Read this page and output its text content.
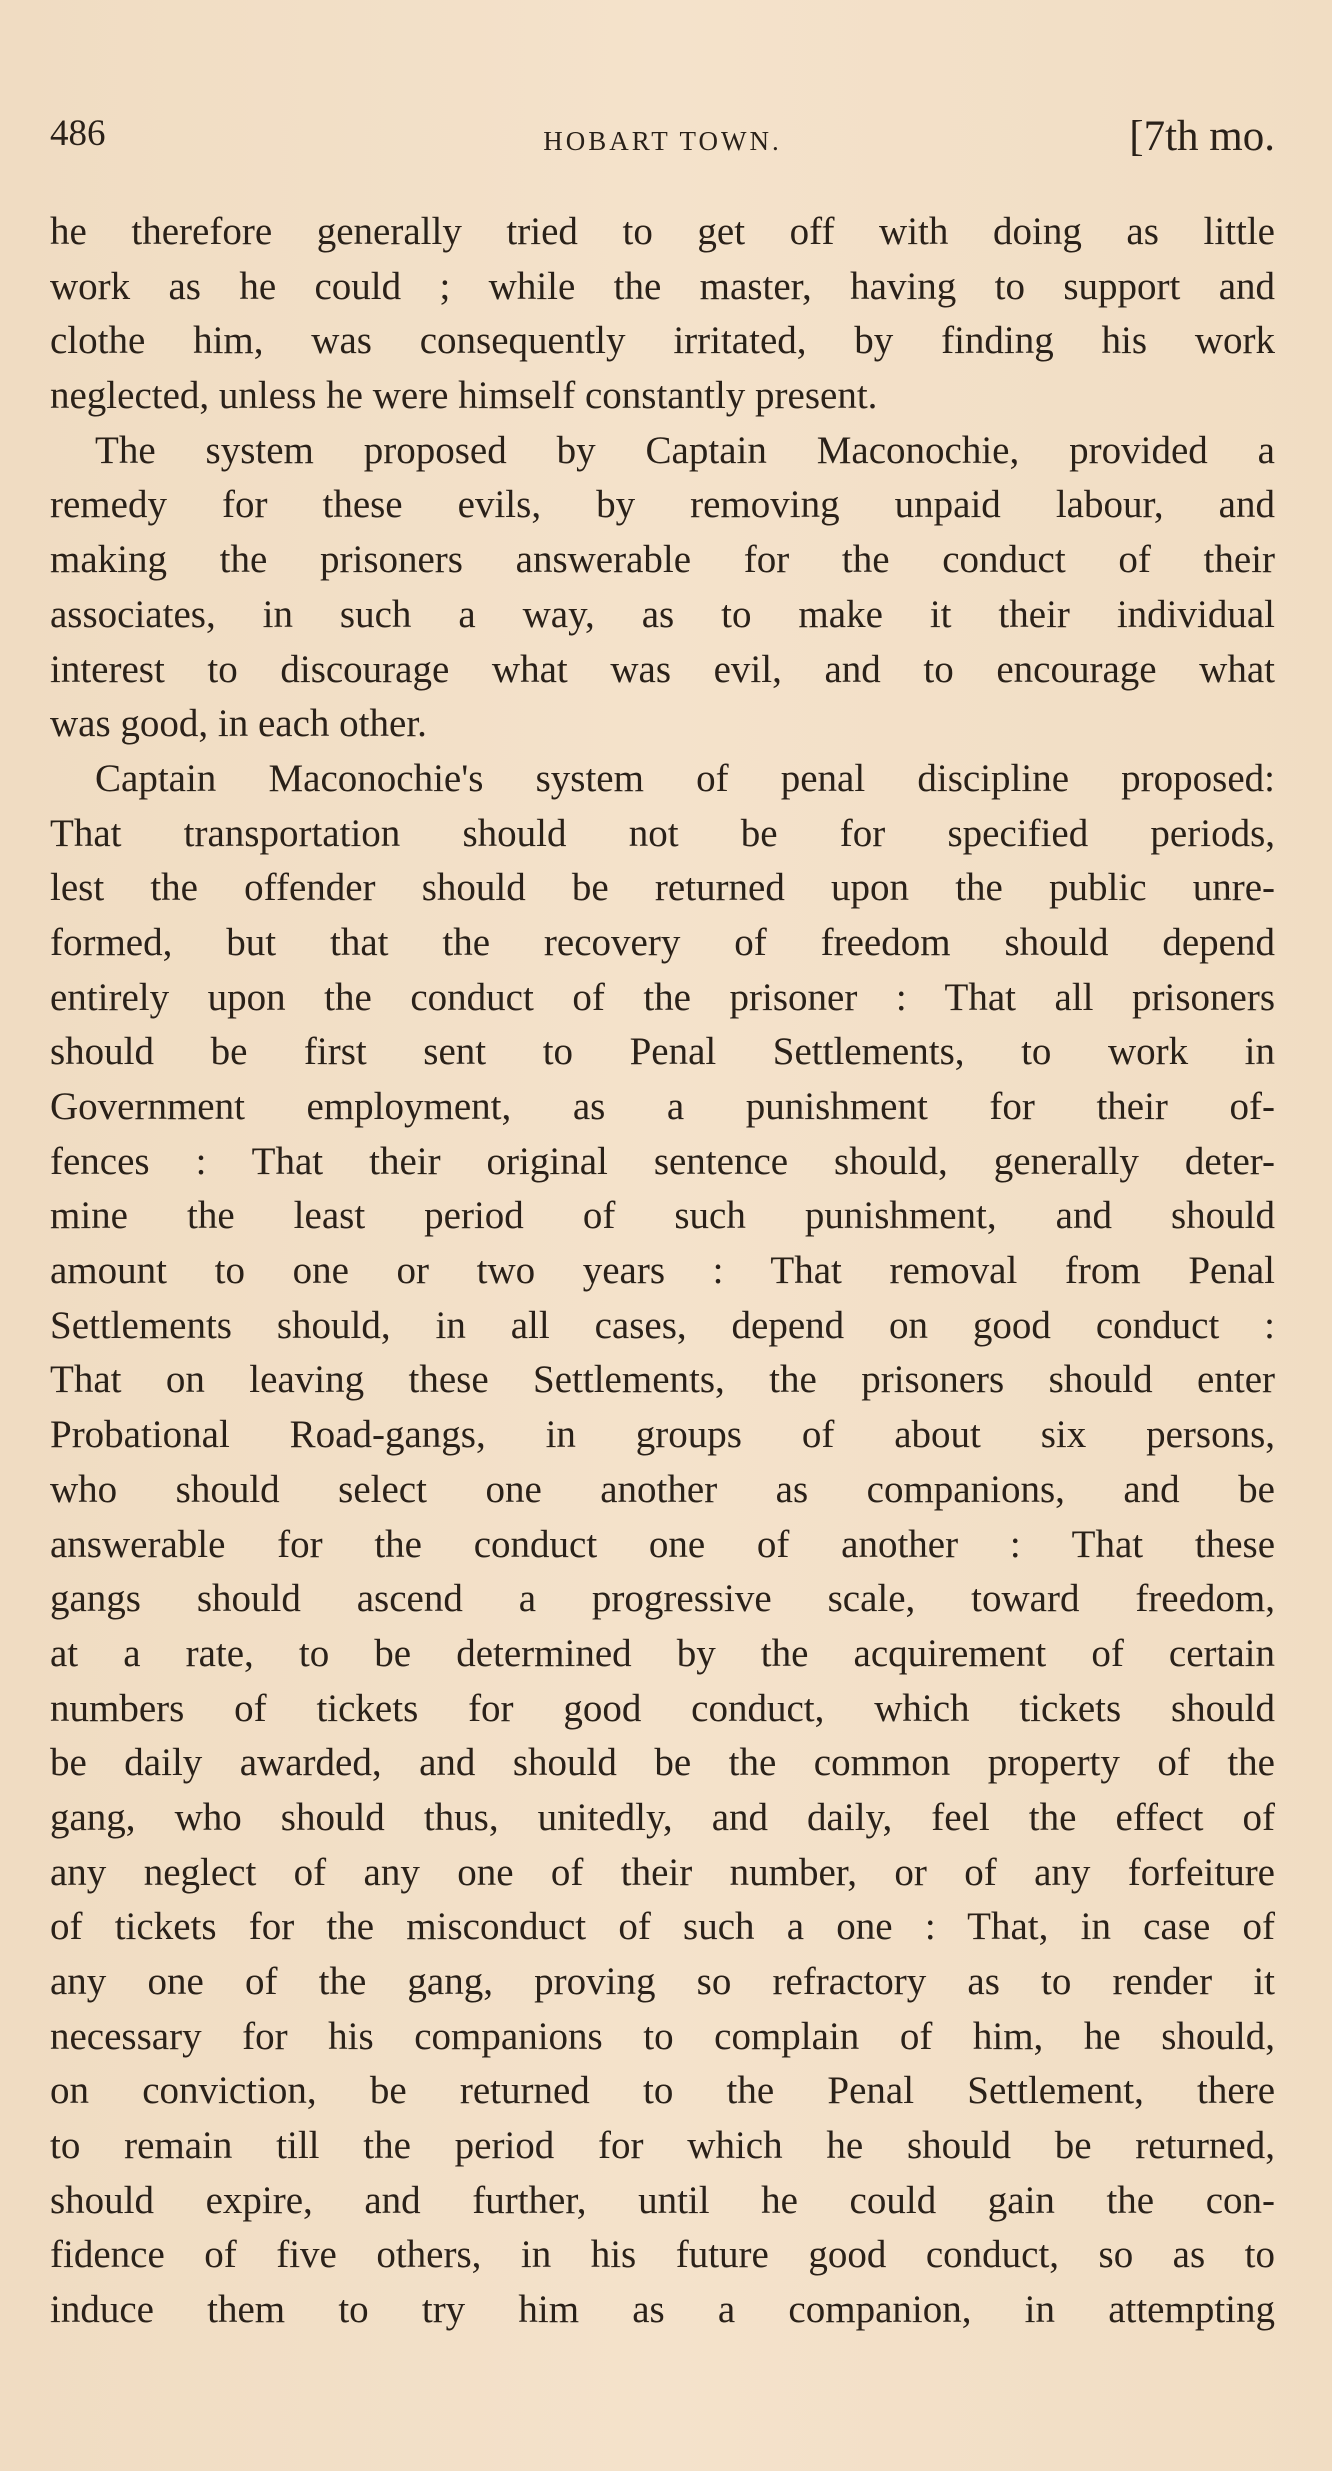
486	HOBART TOWN.	[7th mo.
he therefore generally tried to get off with doing as little
work as he could ; while the master, having to support and
clothe him, was consequently irritated, by finding his work
neglected, unless he were himself constantly present.
The system proposed by Captain Maconochie, provided a
remedy for these evils, by removing unpaid labour, and
making the prisoners answerable for the conduct of their
associates, in such a way, as to make it their individual
interest to discourage what was evil, and to encourage what
was good, in each other.
Captain Maconochie's system of penal discipline proposed:
That transportation should not be for specified periods,
lest the offender should be returned upon the public unre-
formed, but that the recovery of freedom should depend
entirely upon the conduct of the prisoner : That all prisoners
should be first sent to Penal Settlements, to work in
Government employment, as a punishment for their of-
fences : That their original sentence should, generally deter-
mine the least period of such punishment, and should
amount to one or two years : That removal from Penal
Settlements should, in all cases, depend on good conduct :
That on leaving these Settlements, the prisoners should enter
Probational Road-gangs, in groups of about six persons,
who should select one another as companions, and be
answerable for the conduct one of another : That these
gangs should ascend a progressive scale, toward freedom,
at a rate, to be determined by the acquirement of certain
numbers of tickets for good conduct, which tickets should
be daily awarded, and should be the common property of the
gang, who should thus, unitedly, and daily, feel the effect of
any neglect of any one of their number, or of any forfeiture
of tickets for the misconduct of such a one : That, in case of
any one of the gang, proving so refractory as to render it
necessary for his companions to complain of him, he should,
on conviction, be returned to the Penal Settlement, there
to remain till the period for which he should be returned,
should expire, and further, until he could gain the con-
fidence of five others, in his future good conduct, so as to
induce them to try him as a companion, in attempting
